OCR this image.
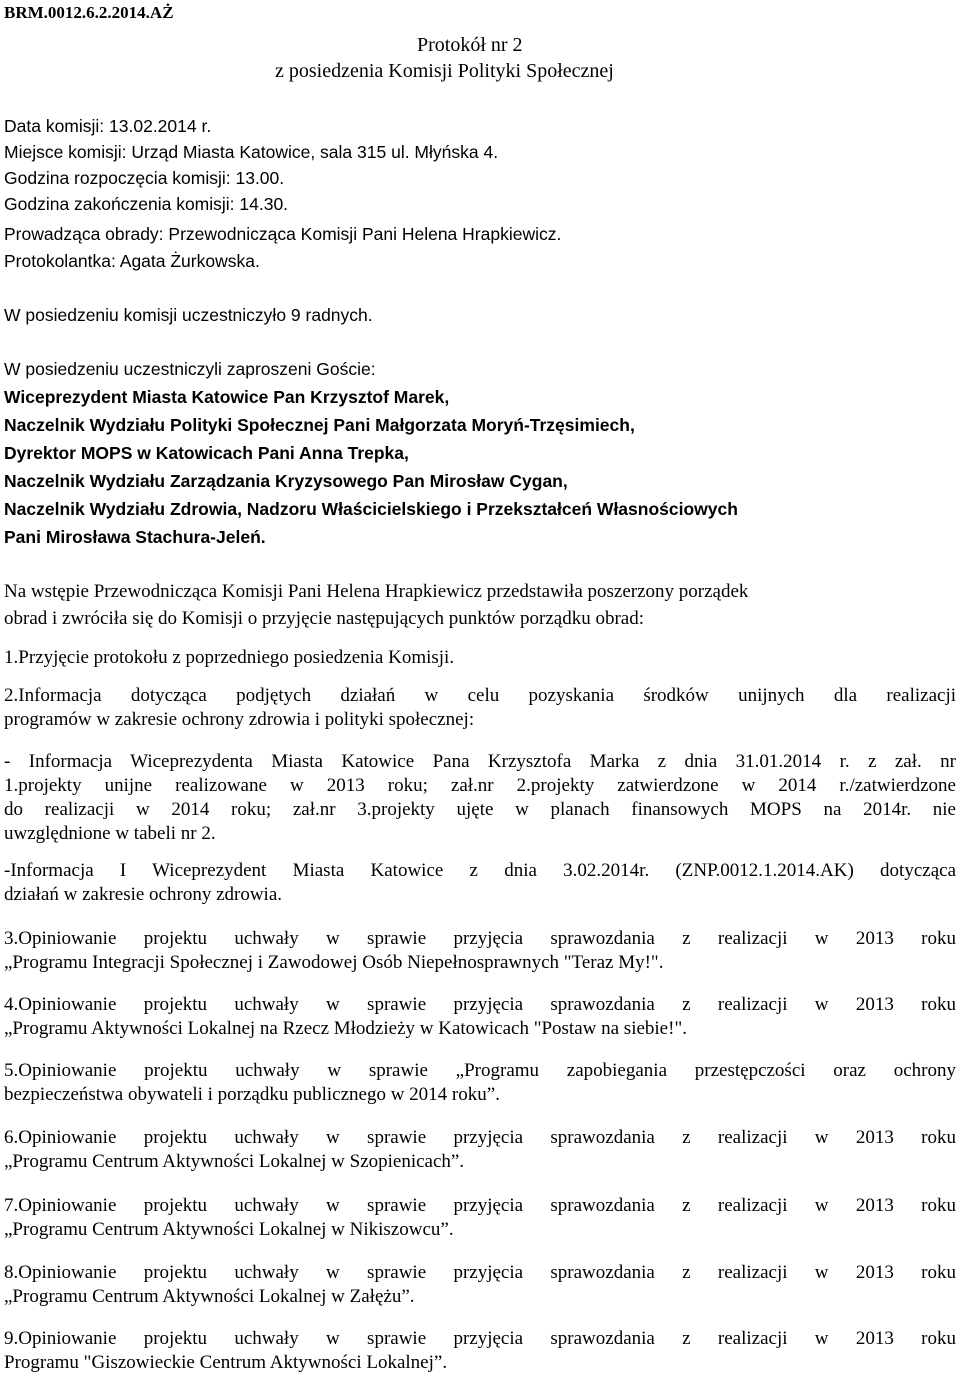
BRM.0012.6.2.2014.AŻ
Protokół nr 2
z posiedzenia Komisji Polityki Społecznej
Data komisji: 13.02.2014 r.
Miejsce komisji: Urząd Miasta Katowice, sala 315 ul. Młyńska 4.
Godzina rozpoczęcia komisji: 13.00.
Godzina zakończenia komisji: 14.30.
Prowadząca obrady: Przewodnicząca Komisji Pani Helena Hrapkiewicz.
Protokolantka: Agata Żurkowska.
W posiedzeniu komisji uczestniczyło 9 radnych.
W posiedzeniu uczestniczyli zaproszeni Goście:
Wiceprezydent Miasta Katowice Pan Krzysztof Marek,
Naczelnik Wydziału Polityki Społecznej Pani Małgorzata Moryń-Trzęsimiech,
Dyrektor MOPS w Katowicach Pani Anna Trepka,
Naczelnik Wydziału Zarządzania Kryzysowego Pan Mirosław Cygan,
Naczelnik Wydziału Zdrowia, Nadzoru Właścicielskiego i Przekształceń Własnościowych
Pani Mirosława Stachura-Jeleń.
Na wstępie Przewodnicząca Komisji Pani Helena Hrapkiewicz przedstawiła poszerzony porządek
obrad i zwróciła się do Komisji o przyjęcie następujących punktów porządku obrad:
1.Przyjęcie protokołu z poprzedniego posiedzenia Komisji.
2.Informacja dotycząca podjętych działań w celu pozyskania środków unijnych dla realizacji
programów w zakresie ochrony zdrowia i polityki społecznej:
- Informacja Wiceprezydenta Miasta Katowice Pana Krzysztofa Marka z dnia 31.01.2014 r. z zał. nr
1.projekty unijne realizowane w 2013 roku; zał.nr 2.projekty zatwierdzone w 2014 r./zatwierdzone
do realizacji w 2014 roku; zał.nr 3.projekty ujęte w planach finansowych MOPS na 2014r. nie
uwzględnione w tabeli nr 2.
-Informacja I Wiceprezydent Miasta Katowice z dnia 3.02.2014r. (ZNP.0012.1.2014.AK) dotycząca
działań w zakresie ochrony zdrowia.
3.Opiniowanie projektu uchwały w sprawie przyjęcia sprawozdania z realizacji w 2013 roku
„Programu Integracji Społecznej i Zawodowej Osób Niepełnosprawnych "Teraz My!".
4.Opiniowanie projektu uchwały w sprawie przyjęcia sprawozdania z realizacji w 2013 roku
„Programu Aktywności Lokalnej na Rzecz Młodzieży w Katowicach "Postaw na siebie!".
5.Opiniowanie projektu uchwały w sprawie „Programu zapobiegania przestępczości oraz ochrony
bezpieczeństwa obywateli i porządku publicznego w 2014 roku”.
6.Opiniowanie projektu uchwały w sprawie przyjęcia sprawozdania z realizacji w 2013 roku
„Programu Centrum Aktywności Lokalnej w Szopienicach”.
7.Opiniowanie projektu uchwały w sprawie przyjęcia sprawozdania z realizacji w 2013 roku
„Programu Centrum Aktywności Lokalnej w Nikiszowcu”.
8.Opiniowanie projektu uchwały w sprawie przyjęcia sprawozdania z realizacji w 2013 roku
„Programu Centrum Aktywności Lokalnej w Załężu”.
9.Opiniowanie projektu uchwały w sprawie przyjęcia sprawozdania z realizacji w 2013 roku
Programu "Giszowieckie Centrum Aktywności Lokalnej”.
